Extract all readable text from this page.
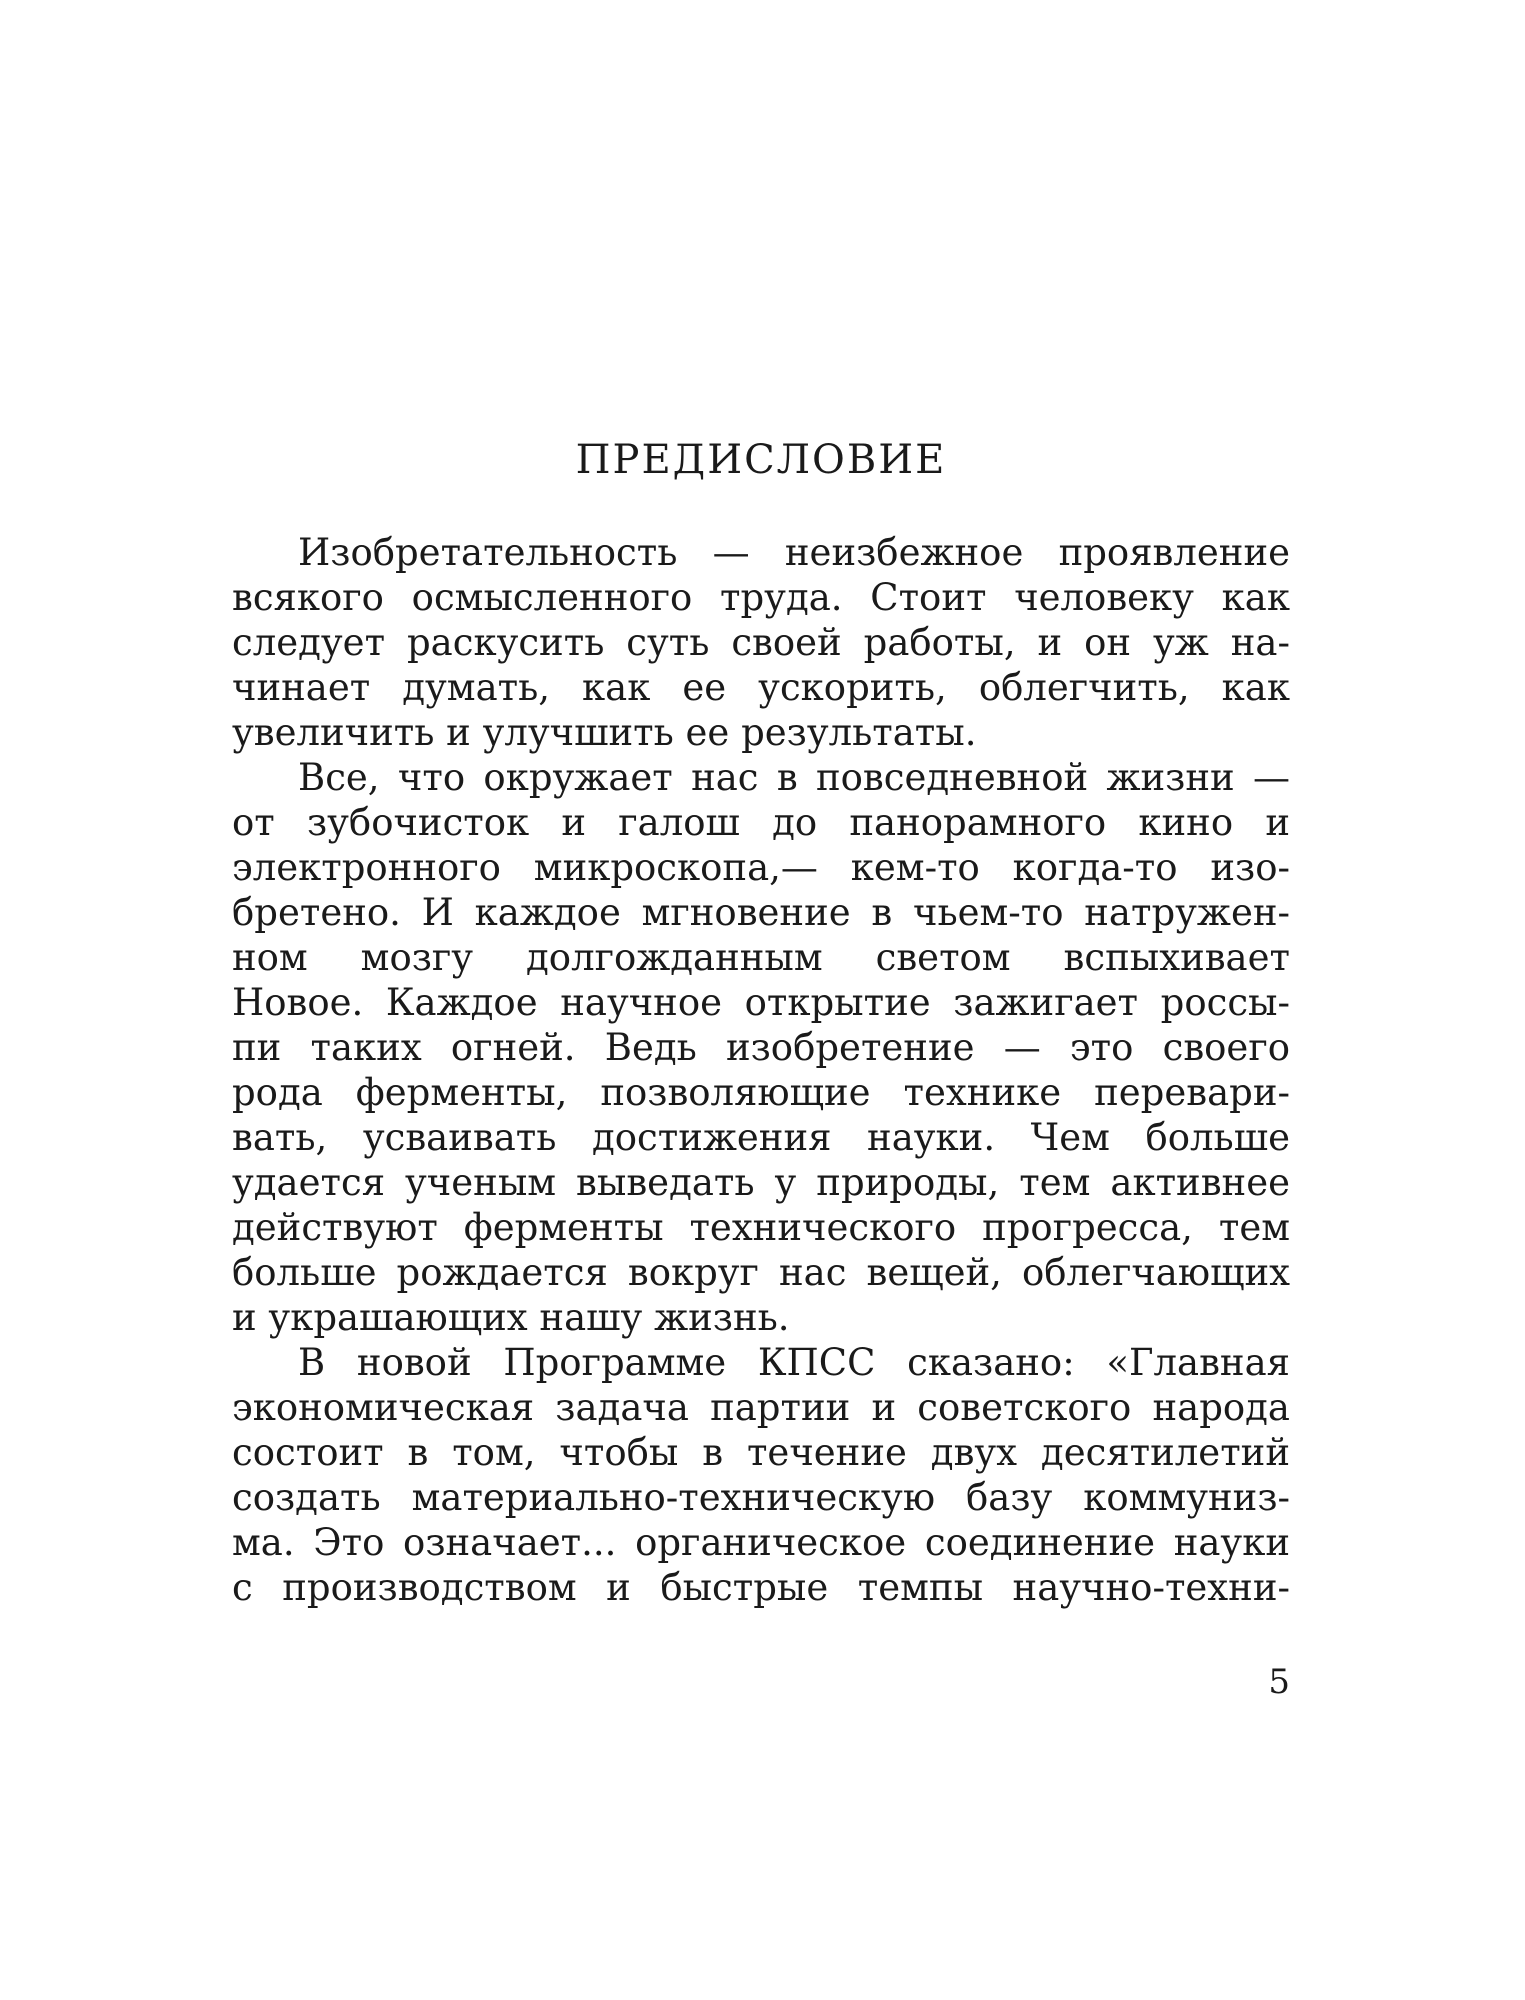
ПРЕДИСЛОВИЕ
Изобретательность — неизбежное проявление
всякого осмысленного труда. Стоит человеку как
следует раскусить суть своей работы, и он уж на-
чинает думать, как ее ускорить, облегчить, как
увеличить и улучшить ее результаты.
Все, что окружает нас в повседневной жизни —
от зубочисток и галош до панорамного кино и
электронного микроскопа,— кем-то когда-то изо-
бретено. И каждое мгновение в чьем-то натружен-
ном мозгу долгожданным светом вспыхивает
Новое. Каждое научное открытие зажигает россы-
пи таких огней. Ведь изобретение — это своего
рода ферменты, позволяющие технике перевари-
вать, усваивать достижения науки. Чем больше
удается ученым выведать у природы, тем активнее
действуют ферменты технического прогресса, тем
больше рождается вокруг нас вещей, облегчающих
и украшающих нашу жизнь.
В новой Программе КПСС сказано: «Главная
экономическая задача партии и советского народа
состоит в том, чтобы в течение двух десятилетий
создать материально-техническую базу коммуниз-
ма. Это означает... органическое соединение науки
с производством и быстрые темпы научно-техни-
5
